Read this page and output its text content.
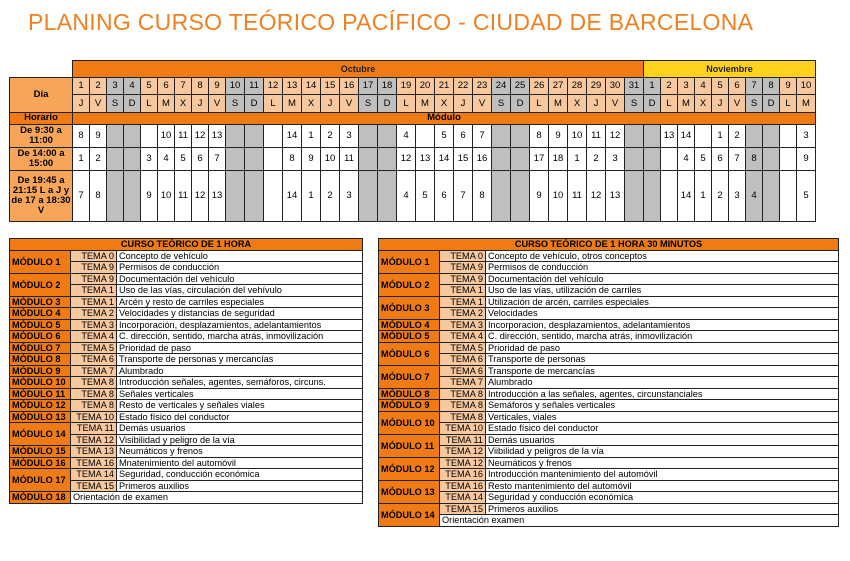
PLANING CURSO TEÓRICO PACÍFICO - CIUDAD DE BARCELONA
	Octubre																															Noviembre									
Día	1	2	3	4	5	6	7	8	9	10	11	12	13	14	15	16	17	18	19	20	21	22	23	24	25	26	27	28	29	30	31	1	2	3	4	5	6	7	8	9	10
	J	V	S	D	L	M	X	J	V	S	D	L	M	X	J	V	S	D	L	M	X	J	V	S	D	L	M	X	J	V	S	D	L	M	X	J	V	S	D	L	M
Horario	Módulo																																								
De 9:30 a 11:00	8	9				10	11	12	13				14	1	2	3			4		5	6	7			8	9	10	11	12			13	14		1	2				3
De 14:00 a 15:00	1	2			3	4	5	6	7				8	9	10	11			12	13	14	15	16			17	18	1	2	3				4	5	6	7	8			9
De 19:45 a 21:15 L a J y de 17 a 18:30 V	7	8			9	10	11	12	13				14	1	2	3			4	5	6	7	8			9	10	11	12	13				14	1	2	3	4			5
CURSO TEÓRICO DE 1 HORA		
MÓDULO 1	TEMA 0	Concepto de vehículo
	TEMA 9	Permisos de conducción
MÓDULO 2	TEMA 9	Documentación del vehículo
	TEMA 1	Uso de las vías, circulación del vehívulo
MÓDULO 3	TEMA 1	Arcén y resto de carriles especiales
MÓDULO 4	TEMA 2	Velocidades y distancias de seguridad
MÓDULO 5	TEMA 3	Incorporación, desplazamientos, adelantamientos
MÓDULO 6	TEMA 4	C. dirección, sentido, marcha atrás, inmovilización
MÓDULO 7	TEMA 5	Prioridad de paso
MÓDULO 8	TEMA 6	Transporte de personas y mercancías
MÓDULO 9	TEMA 7	Alumbrado
MÓDULO 10	TEMA 8	Introducción señales, agentes, semáforos, circuns.
MÓDULO 11	TEMA 8	Señales verticales
MÓDULO 12	TEMA 8	Resto de verticales y señales viales
MÓDULO 13	TEMA 10	Estado físico del conductor
MÓDULO 14	TEMA 11	Demás usuarios
	TEMA 12	Visibilidad y peligro de la vía
MÓDULO 15	TEMA 13	Neumáticos y frenos
MÓDULO 16	TEMA 16	Mnatenimiento del automóvil
MÓDULO 17	TEMA 14	Seguridad, conducción económica
	TEMA 15	Primeros auxilios
MÓDULO 18	Orientación de examen	
CURSO TEÓRICO DE 1 HORA 30 MINUTOS		
MÓDULO 1	TEMA 0	Concepto de vehículo, otros conceptos
	TEMA 9	Permisos de conducción
MÓDULO 2	TEMA 9	Documentación del vehículo
	TEMA 1	Uso de las vías, utilización de carriles
MÓDULO 3	TEMA 1	Utilización de arcén, carriles especiales
	TEMA 2	Velocidades
MÓDULO 4	TEMA 3	Incorporacion, desplazamientos, adelantamientos
MÓDULO 5	TEMA 4	C. dirección, sentido, marcha atrás, inmovilización
MÓDULO 6	TEMA 5	Prioridad de paso
	TEMA 6	Transporte de personas
MÓDULO 7	TEMA 6	Transporte de mercancías
	TEMA 7	Alumbrado
MÓDULO 8	TEMA 8	Introducción a las señales, agentes, circunstanciales
MÓDULO 9	TEMA 8	Semáforos y señales verticales
MÓDULO 10	TEMA 8	Verticales, viales
	TEMA 10	Estado físico del conductor
MÓDULO 11	TEMA 11	Demás usuarios
	TEMA 12	Viibilidad y peligros de la vía
MÓDULO 12	TEMA 12	Neumáticos y frenos
	TEMA 16	Introducción mantenimiento del automóvil
MÓDULO 13	TEMA 16	Resto mantenimiento del automóvil
	TEMA 14	Seguridad y conducción económica
MÓDULO 14	TEMA 15	Primeros auxilios
	Orientación examen	
